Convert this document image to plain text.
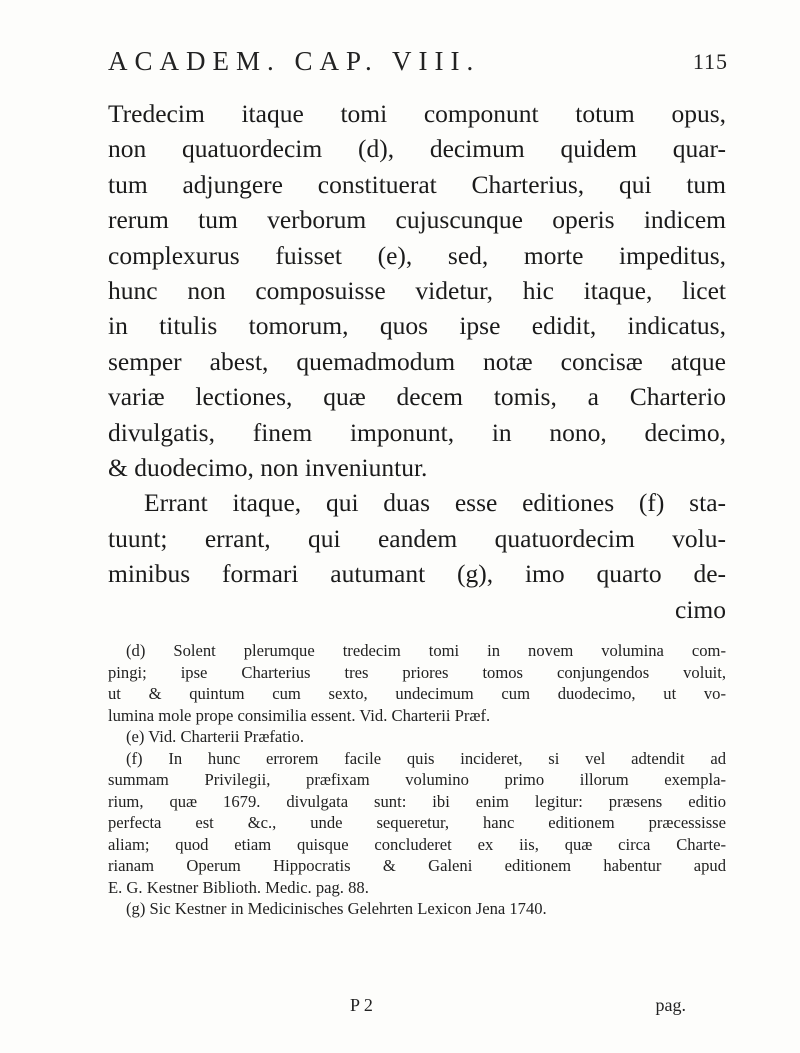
ACADEM. CAP. VIII.	115
Tredecim itaque tomi componunt totum opus,
non quatuordecim (d), decimum quidem quar-
tum adjungere constituerat Charterius, qui tum
rerum tum verborum cujuscunque operis indicem
complexurus fuisset (e), sed, morte impeditus,
hunc non composuisse videtur, hic itaque, licet
in titulis tomorum, quos ipse edidit, indicatus,
semper abest, quemadmodum notæ concisæ atque
variæ lectiones, quæ decem tomis, a Charterio
divulgatis, finem imponunt, in nono, decimo,
& duodecimo, non inveniuntur.
Errant itaque, qui duas esse editiones (f) sta-
tuunt; errant, qui eandem quatuordecim volu-
minibus formari autumant (g), imo quarto de-
cimo
(d) Solent plerumque tredecim tomi in novem volumina com-
pingi; ipse Charterius tres priores tomos conjungendos voluit,
ut & quintum cum sexto, undecimum cum duodecimo, ut vo-
lumina mole prope consimilia essent. Vid. Charterii Præf.
(e) Vid. Charterii Præfatio.
(f) In hunc errorem facile quis incideret, si vel adtendit ad
summam Privilegii, præfixam volumino primo illorum exempla-
rium, quæ 1679. divulgata sunt: ibi enim legitur: præsens editio
perfecta est &c., unde sequeretur, hanc editionem præcessisse
aliam; quod etiam quisque concluderet ex iis, quæ circa Charte-
rianam Operum Hippocratis & Galeni editionem habentur apud
E. G. Kestner Biblioth. Medic. pag. 88.
(g) Sic Kestner in Medicinisches Gelehrten Lexicon Jena 1740.
P 2	pag.
